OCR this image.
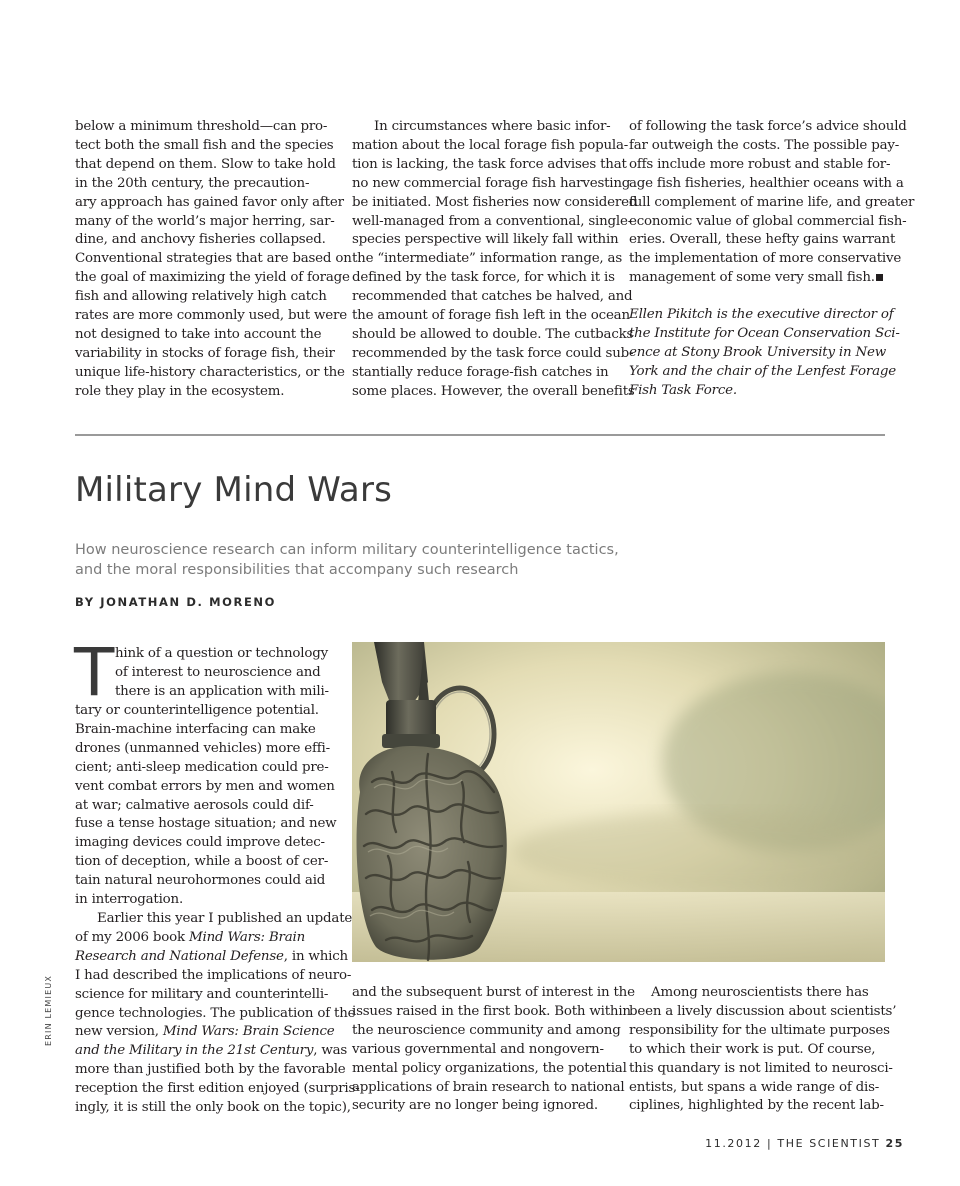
below a minimum threshold—can pro-
tect both the small fish and the species
that depend on them. Slow to take hold
in the 20th century, the precaution-
ary approach has gained favor only after
many of the world’s major herring, sar-
dine, and anchovy fisheries collapsed.
Conventional strategies that are based on
the goal of maximizing the yield of forage
fish and allowing relatively high catch
rates are more commonly used, but were
not designed to take into account the
variability in stocks of forage fish, their
unique life-history characteristics, or the
role they play in the ecosystem.
In circumstances where basic infor-
mation about the local forage fish popula-
tion is lacking, the task force advises that
no new commercial forage fish harvesting
be initiated. Most fisheries now considered
well-managed from a conventional, single-
species perspective will likely fall within
the “intermediate” information range, as
defined by the task force, for which it is
recommended that catches be halved, and
the amount of forage fish left in the ocean
should be allowed to double. The cutbacks
recommended by the task force could sub-
stantially reduce forage-fish catches in
some places. However, the overall benefits
of following the task force’s advice should
far outweigh the costs. The possible pay-
offs include more robust and stable for-
age fish fisheries, healthier oceans with a
full complement of marine life, and greater
economic value of global commercial fish-
eries. Overall, these hefty gains warrant
the implementation of more conservative
management of some very small fish.
Ellen Pikitch is the executive director of
the Institute for Ocean Conservation Sci-
ence at Stony Brook University in New
York and the chair of the Lenfest Forage
Fish Task Force.
Military Mind Wars
How neuroscience research can inform military counterintelligence tactics,
and the moral responsibilities that accompany such research
BY JONATHAN D. MORENO
T hink of a question or technology
of interest to neuroscience and
there is an application with mili-
tary or counterintelligence potential.
Brain-machine interfacing can make
drones (unmanned vehicles) more effi-
cient; anti-sleep medication could pre-
vent combat errors by men and women
at war; calmative aerosols could dif-
fuse a tense hostage situation; and new
imaging devices could improve detec-
tion of deception, while a boost of cer-
tain natural neurohormones could aid
in interrogation.
Earlier this year I published an update
of my 2006 book Mind Wars: Brain
Research and National Defense, in which
I had described the implications of neuro-
science for military and counterintelli-
gence technologies. The publication of the
new version, Mind Wars: Brain Science
and the Military in the 21st Century, was
more than justified both by the favorable
reception the first edition enjoyed (surpris-
ingly, it is still the only book on the topic),
and the subsequent burst of interest in the
issues raised in the first book. Both within
the neuroscience community and among
various governmental and nongovern-
mental policy organizations, the potential
applications of brain research to national
security are no longer being ignored.
Among neuroscientists there has
been a lively discussion about scientists’
responsibility for the ultimate purposes
to which their work is put. Of course,
this quandary is not limited to neurosci-
entists, but spans a wide range of dis-
ciplines, highlighted by the recent lab-
ERIN LEMIEUX
11.2012 | THE SCIENTIST 25
